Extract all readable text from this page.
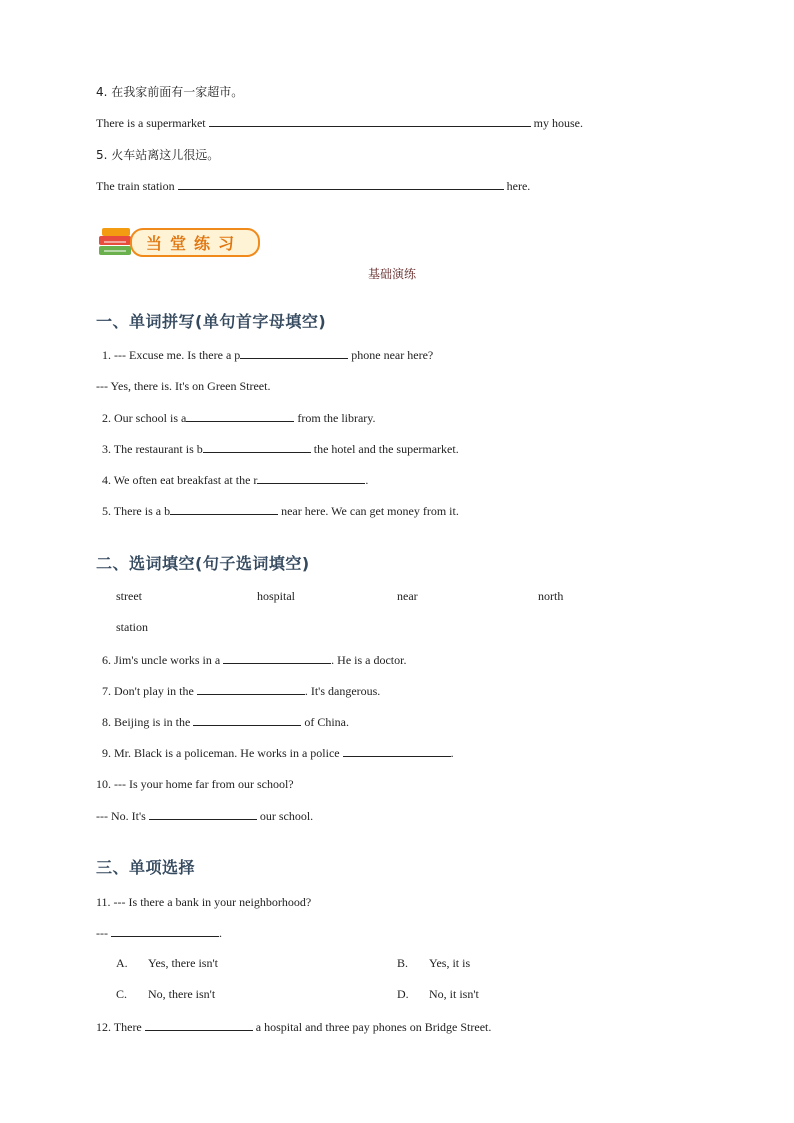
4. 在我家前面有一家超市。
There is a supermarket	my house.
5. 火车站离这儿很远。
The train station	here.
当堂练习
基础演练
一、单词拼写(单句首字母填空)
1. --- Excuse me. Is there a p	phone near here?
--- Yes, there is. It's on Green Street.
2. Our school is a	from the library.
3. The restaurant is b	the hotel and the supermarket.
4. We often eat breakfast at the r	.
5. There is a b	near here. We can get money from it.
二、选词填空(句子选词填空)
street	hospital	near	north
station
6. Jim's uncle works in a	. He is a doctor.
7. Don't play in the	. It's dangerous.
8. Beijing is in the	of China.
9. Mr. Black is a policeman. He works in a police	.
10. --- Is your home far from our school?
--- No. It's	our school.
三、单项选择
11. --- Is there a bank in your neighborhood?
---	.
A. Yes, there isn't	B. Yes, it is
C. No, there isn't	D. No, it isn't
12. There	a hospital and three pay phones on Bridge Street.
